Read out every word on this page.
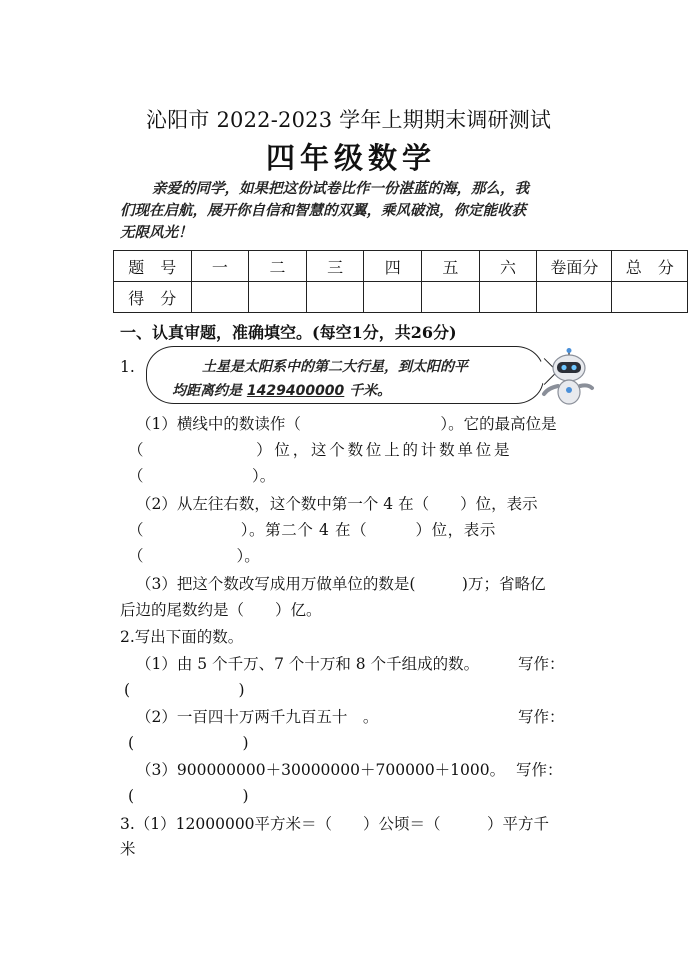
沁阳市 2022-2023 学年上期期末调研测试
四年级数学

亲爱的同学，如果把这份试卷比作一份湛蓝的海，那么，我

们现在启航，展开你自信和智慧的双翼，乘风破浪，你定能收获

无限风光！

题　号	一	二	三	四	五	六	卷面分	总　分
得　分								
一、认真审题，准确填空。(每空1分，共26分)
1.	土星是太阳系中的第二大行星，到太阳的平
均距离约是 1429400000 千米。
（1）横线中的数读作（　　　　　　　　　）。它的最高位是
（　　　　　　）位，这个数位上的计数单位是
（　　　　　　　）。
（2）从左往右数，这个数中第一个 4 在（　　）位，表示
（　　　　　　）。第二个 4 在（　　　）位，表示
（　　　　　　）。
（3）把这个数改写成用万做单位的数是(　　　)万；省略亿
后边的尾数约是（　　）亿。
2.写出下面的数。
（1）由 5 个千万、7 个十万和 8 个千组成的数。	写作：
(　　　　　　　)
（2）一百四十万两千九百五十　。	写作：
(　　　　　　　)
（3）900000000＋30000000＋700000＋1000。 写作：
(　　　　　　　)
3.（1）12000000平方米＝（　　）公顷＝（　　　）平方千
米
